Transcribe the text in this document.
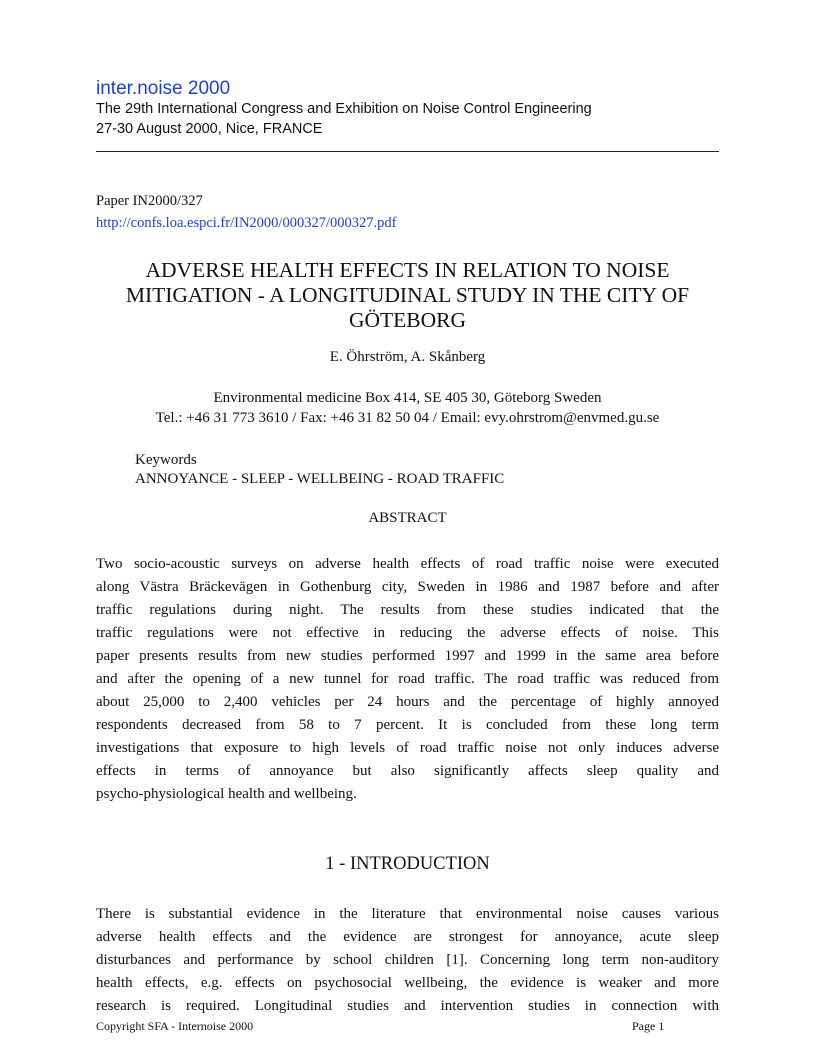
inter.noise 2000
The 29th International Congress and Exhibition on Noise Control Engineering
27-30 August 2000, Nice, FRANCE
Paper IN2000/327
http://confs.loa.espci.fr/IN2000/000327/000327.pdf
ADVERSE HEALTH EFFECTS IN RELATION TO NOISE
MITIGATION - A LONGITUDINAL STUDY IN THE CITY OF
GÖTEBORG
E. Öhrström, A. Skånberg
Environmental medicine Box 414, SE 405 30, Göteborg Sweden
Tel.: +46 31 773 3610 / Fax: +46 31 82 50 04 / Email: evy.ohrstrom@envmed.gu.se
Keywords
ANNOYANCE - SLEEP - WELLBEING - ROAD TRAFFIC
ABSTRACT
Two socio-acoustic surveys on adverse health effects of road traffic noise were executed
along Västra Bräckevägen in Gothenburg city, Sweden in 1986 and 1987 before and after
traffic regulations during night. The results from these studies indicated that the
traffic regulations were not effective in reducing the adverse effects of noise. This
paper presents results from new studies performed 1997 and 1999 in the same area before
and after the opening of a new tunnel for road traffic. The road traffic was reduced from
about 25,000 to 2,400 vehicles per 24 hours and the percentage of highly annoyed
respondents decreased from 58 to 7 percent. It is concluded from these long term
investigations that exposure to high levels of road traffic noise not only induces adverse
effects in terms of annoyance but also significantly affects sleep quality and
psycho-physiological health and wellbeing.
1 - INTRODUCTION
There is substantial evidence in the literature that environmental noise causes various
adverse health effects and the evidence are strongest for annoyance, acute sleep
disturbances and performance by school children [1]. Concerning long term non-auditory
health effects, e.g. effects on psychosocial wellbeing, the evidence is weaker and more
research is required. Longitudinal studies and intervention studies in connection with
Copyright SFA - Internoise 2000	Page 1
